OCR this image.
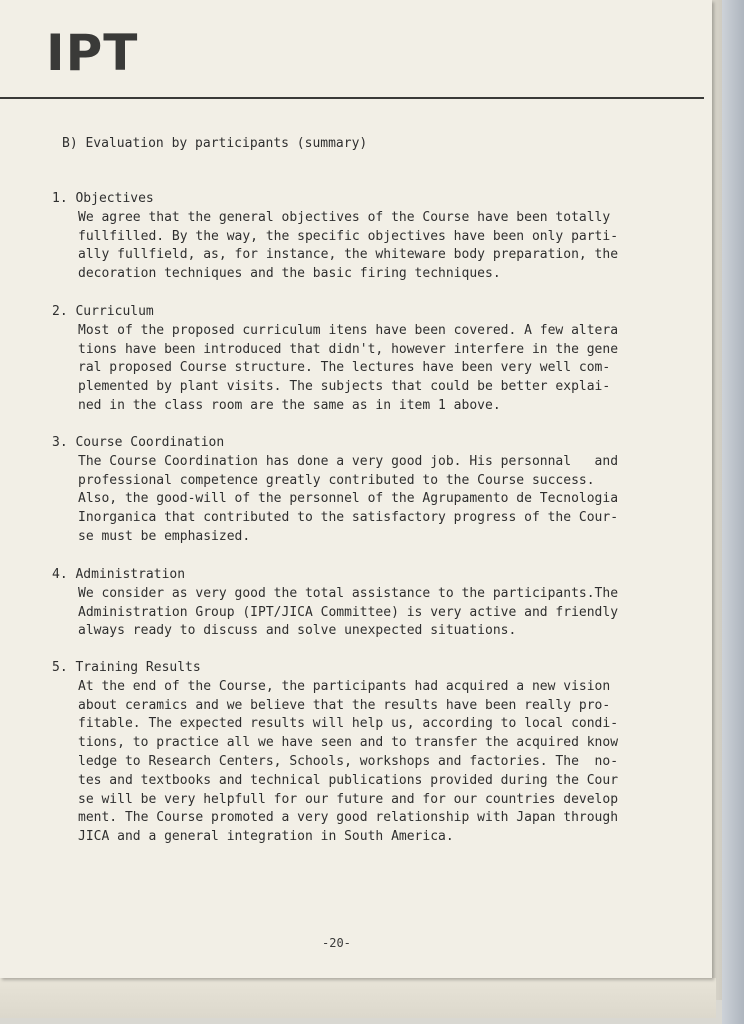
IPT
B) Evaluation by participants (summary)
1. Objectives
We agree that the general objectives of the Course have been totally
fullfilled. By the way, the specific objectives have been only parti-
ally fullfield, as, for instance, the whiteware body preparation, the
decoration techniques and the basic firing techniques.
2. Curriculum
Most of the proposed curriculum itens have been covered. A few altera
tions have been introduced that didn't, however interfere in the gene
ral proposed Course structure. The lectures have been very well com-
plemented by plant visits. The subjects that could be better explai-
ned in the class room are the same as in item 1 above.
3. Course Coordination
The Course Coordination has done a very good job. His personnal   and
professional competence greatly contributed to the Course success.
Also, the good-will of the personnel of the Agrupamento de Tecnologia
Inorganica that contributed to the satisfactory progress of the Cour-
se must be emphasized.
4. Administration
We consider as very good the total assistance to the participants.The
Administration Group (IPT/JICA Committee) is very active and friendly
always ready to discuss and solve unexpected situations.
5. Training Results
At the end of the Course, the participants had acquired a new vision
about ceramics and we believe that the results have been really pro-
fitable. The expected results will help us, according to local condi-
tions, to practice all we have seen and to transfer the acquired know
ledge to Research Centers, Schools, workshops and factories. The  no-
tes and textbooks and technical publications provided during the Cour
se will be very helpfull for our future and for our countries develop
ment. The Course promoted a very good relationship with Japan through
JICA and a general integration in South America.
-20-
